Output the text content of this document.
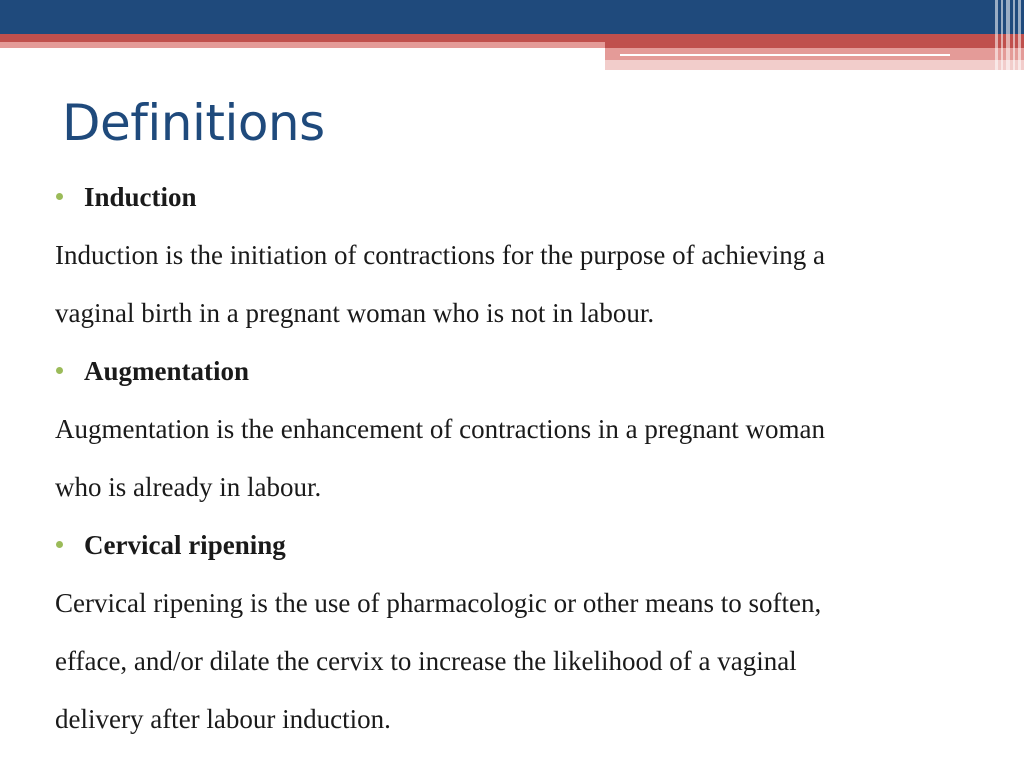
Definitions
Induction
Induction is the initiation of contractions for the purpose of achieving a
vaginal birth in a pregnant woman who is not in labour.
Augmentation
Augmentation is the enhancement of contractions in a pregnant woman
who is already in labour.
Cervical ripening
Cervical ripening is the use of pharmacologic or other means to soften,
efface, and/or dilate the cervix to increase the likelihood of a vaginal
delivery after labour induction.
